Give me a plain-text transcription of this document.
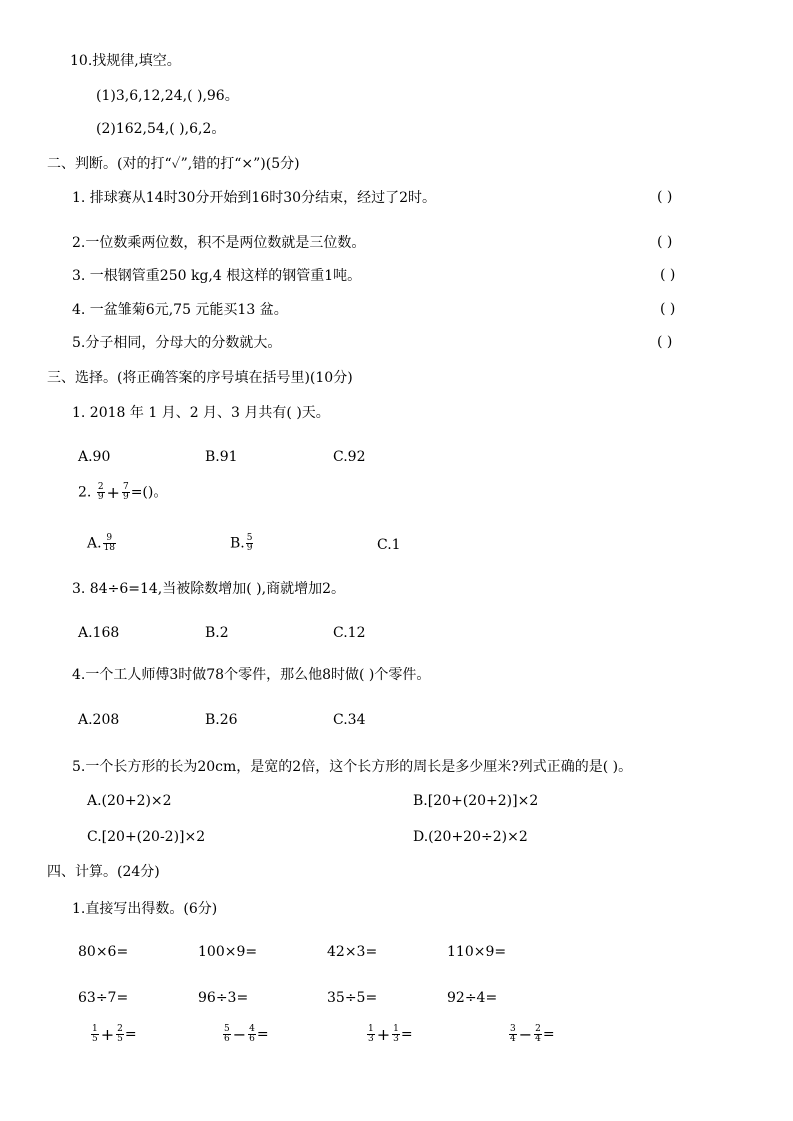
10.找规律,填空。
(1)3,6,12,24,( ),96。
(2)162,54,( ),6,2。
二、判断。(对的打“✓”,错的打“×”)(5分)
1. 排球赛从14时30分开始到16时30分结束，经过了2时。	( )
2.一位数乘两位数，积不是两位数就是三位数。	( )
3. 一根钢管重250 kg,4 根这样的钢管重1吨。	( )
4. 一盆雏菊6元,75 元能买13 盆。	( )
5.分子相同，分母大的分数就大。	( )
三、选择。(将正确答案的序号填在括号里)(10分)
1. 2018 年 1 月、2 月、3 月共有( )天。
A.90	B.91	C.92
2. $\frac{2}{9} + \frac{7}{9}$ =()。
A. $\frac{9}{18}$	B. $\frac{5}{9}$	C.1
3. 84÷6=14,当被除数增加( ),商就增加2。
A.168	B.2	C.12
4.一个工人师傅3时做78个零件，那么他8时做( )个零件。
A.208	B.26	C.34
5.一个长方形的长为20cm，是宽的2倍，这个长方形的周长是多少厘米?列式正确的是( )。
A.(20+2)×2	B.[20+(20+2)]×2
C.[20+(20-2)]×2	D.(20+20÷2)×2
四、计算。(24分)
1.直接写出得数。(6分)
80×6=	100×9=	42×3=	110×9=
63÷7=	96÷3=	35÷5=	92÷4=
$\frac{1}{5} + \frac{2}{5}$ =	$\frac{5}{6} - \frac{4}{6}$ =	$\frac{1}{3} + \frac{1}{3}$ =	$\frac{3}{4} - \frac{2}{4}$ =
